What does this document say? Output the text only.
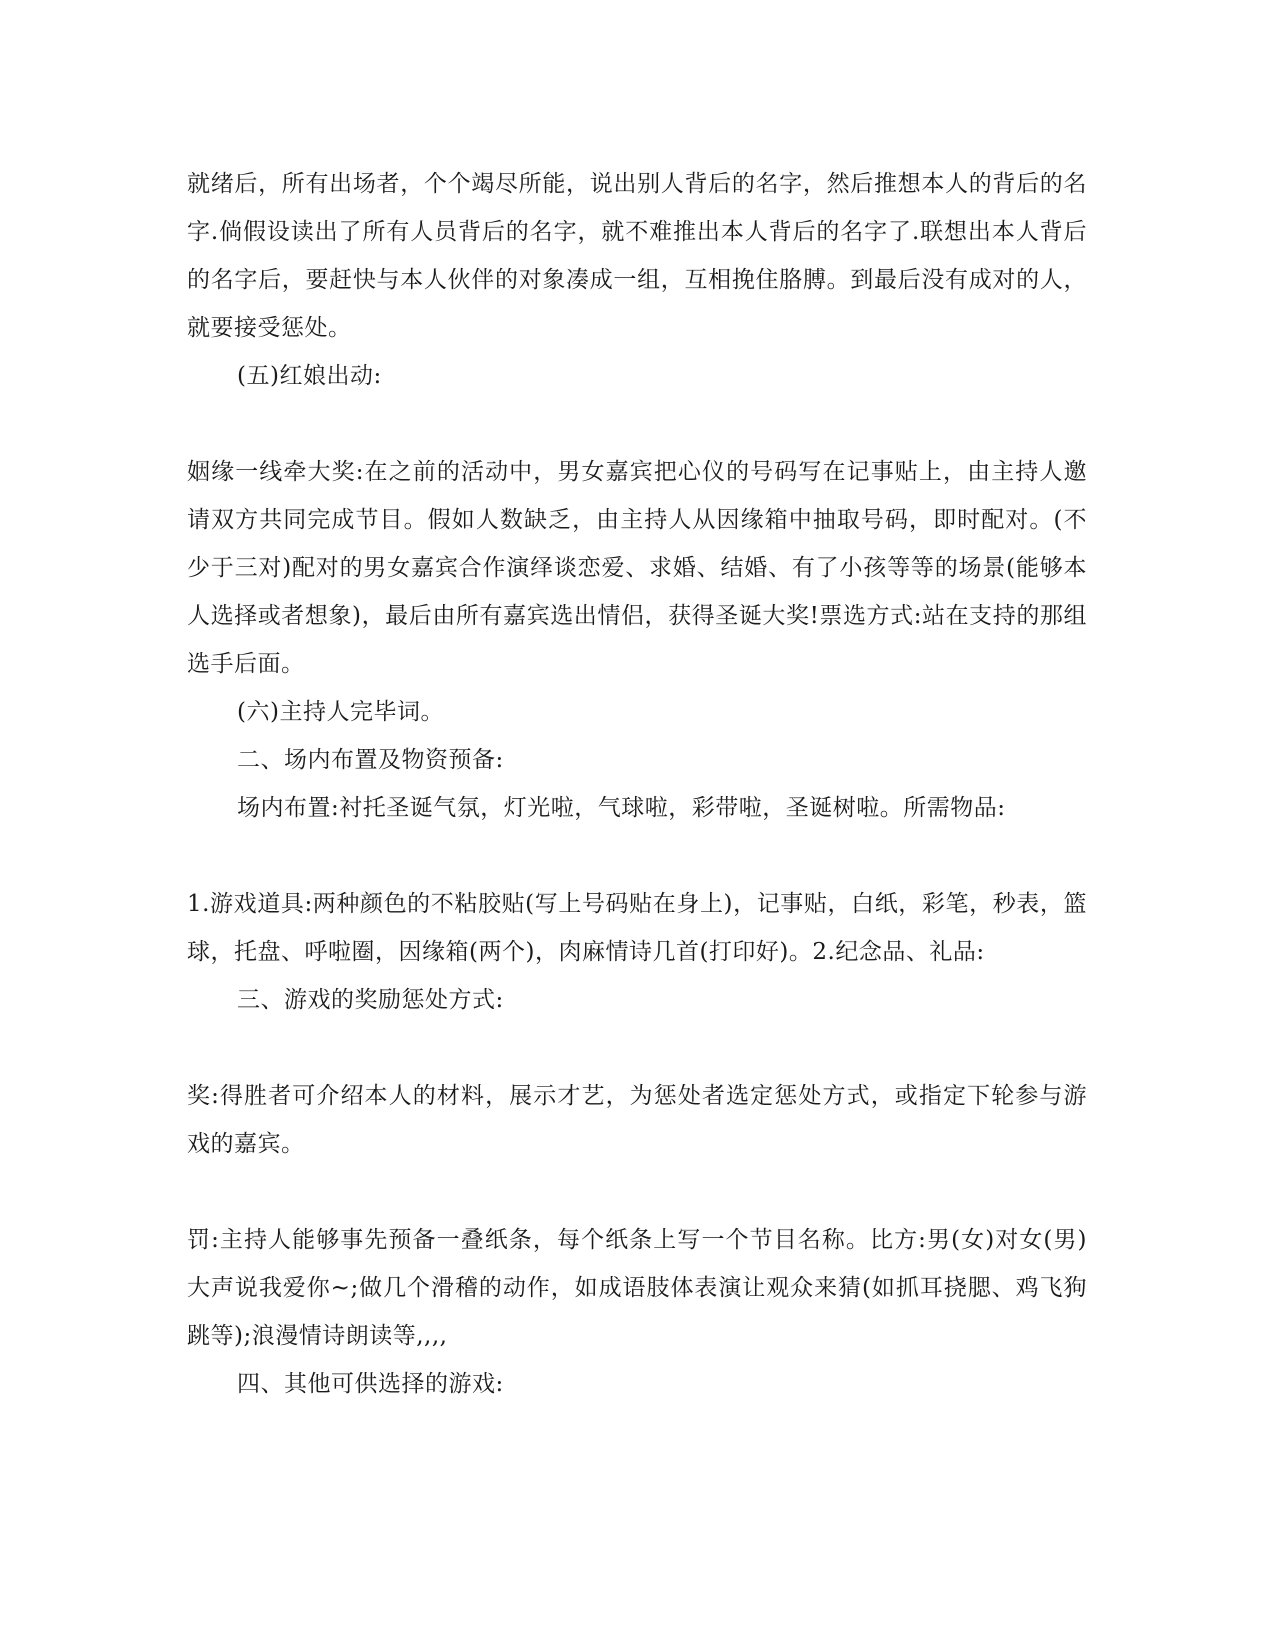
就绪后，所有出场者，个个竭尽所能，说出别人背后的名字，然后推想本人的背后的名字.倘假设读出了所有人员背后的名字，就不难推出本人背后的名字了.联想出本人背后的名字后，要赶快与本人伙伴的对象凑成一组，互相挽住胳膊。到最后没有成对的人，就要接受惩处。

(五)红娘出动:

姻缘一线牵大奖:在之前的活动中，男女嘉宾把心仪的号码写在记事贴上，由主持人邀请双方共同完成节目。假如人数缺乏，由主持人从因缘箱中抽取号码，即时配对。(不少于三对)配对的男女嘉宾合作演绎谈恋爱、求婚、结婚、有了小孩等等的场景(能够本人选择或者想象)，最后由所有嘉宾选出情侣，获得圣诞大奖!票选方式:站在支持的那组选手后面。

(六)主持人完毕词。

二、场内布置及物资预备:

场内布置:衬托圣诞气氛，灯光啦，气球啦，彩带啦，圣诞树啦。所需物品:

1.游戏道具:两种颜色的不粘胶贴(写上号码贴在身上)，记事贴，白纸，彩笔，秒表，篮球，托盘、呼啦圈，因缘箱(两个)，肉麻情诗几首(打印好)。2.纪念品、礼品:

三、游戏的奖励惩处方式:

奖:得胜者可介绍本人的材料，展示才艺，为惩处者选定惩处方式，或指定下轮参与游戏的嘉宾。

罚:主持人能够事先预备一叠纸条，每个纸条上写一个节目名称。比方:男(女)对女(男)大声说我爱你~;做几个滑稽的动作，如成语肢体表演让观众来猜(如抓耳挠腮、鸡飞狗跳等);浪漫情诗朗读等,,,,

四、其他可供选择的游戏:
